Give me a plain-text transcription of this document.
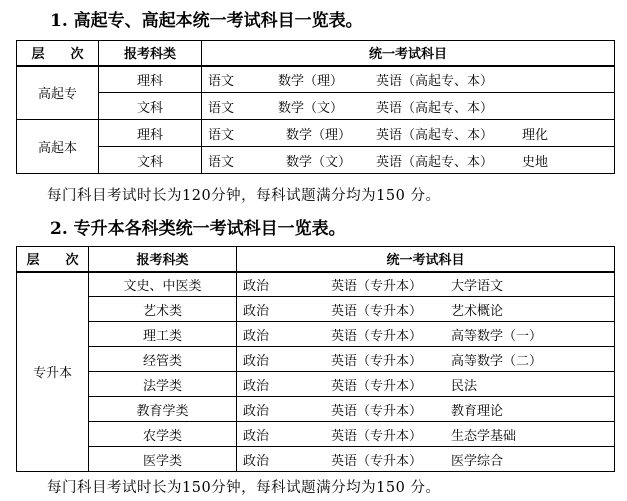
1. 高起专、高起本统一考试科目一览表。
层　　次	报考科类	统一考试科目
高起专	理科	语文 数学（理） 英语（高起专、本）
	文科	语文 数学（文） 英语（高起专、本）
高起本	理科	语文 数学（理） 英语（高起专、本） 理化
	文科	语文 数学（文） 英语（高起专、本） 史地
每门科目考试时长为120分钟，每科试题满分均为150 分。
2. 专升本各科类统一考试科目一览表。
层　　次	报考科类	统一考试科目
专升本	文史、中医类	政治 英语（专升本） 大学语文
	艺术类	政治 英语（专升本） 艺术概论
	理工类	政治 英语（专升本） 高等数学（一）
	经管类	政治 英语（专升本） 高等数学（二）
	法学类	政治 英语（专升本） 民法
	教育学类	政治 英语（专升本） 教育理论
	农学类	政治 英语（专升本） 生态学基础
	医学类	政治 英语（专升本） 医学综合
每门科目考试时长为150分钟，每科试题满分均为150 分。
